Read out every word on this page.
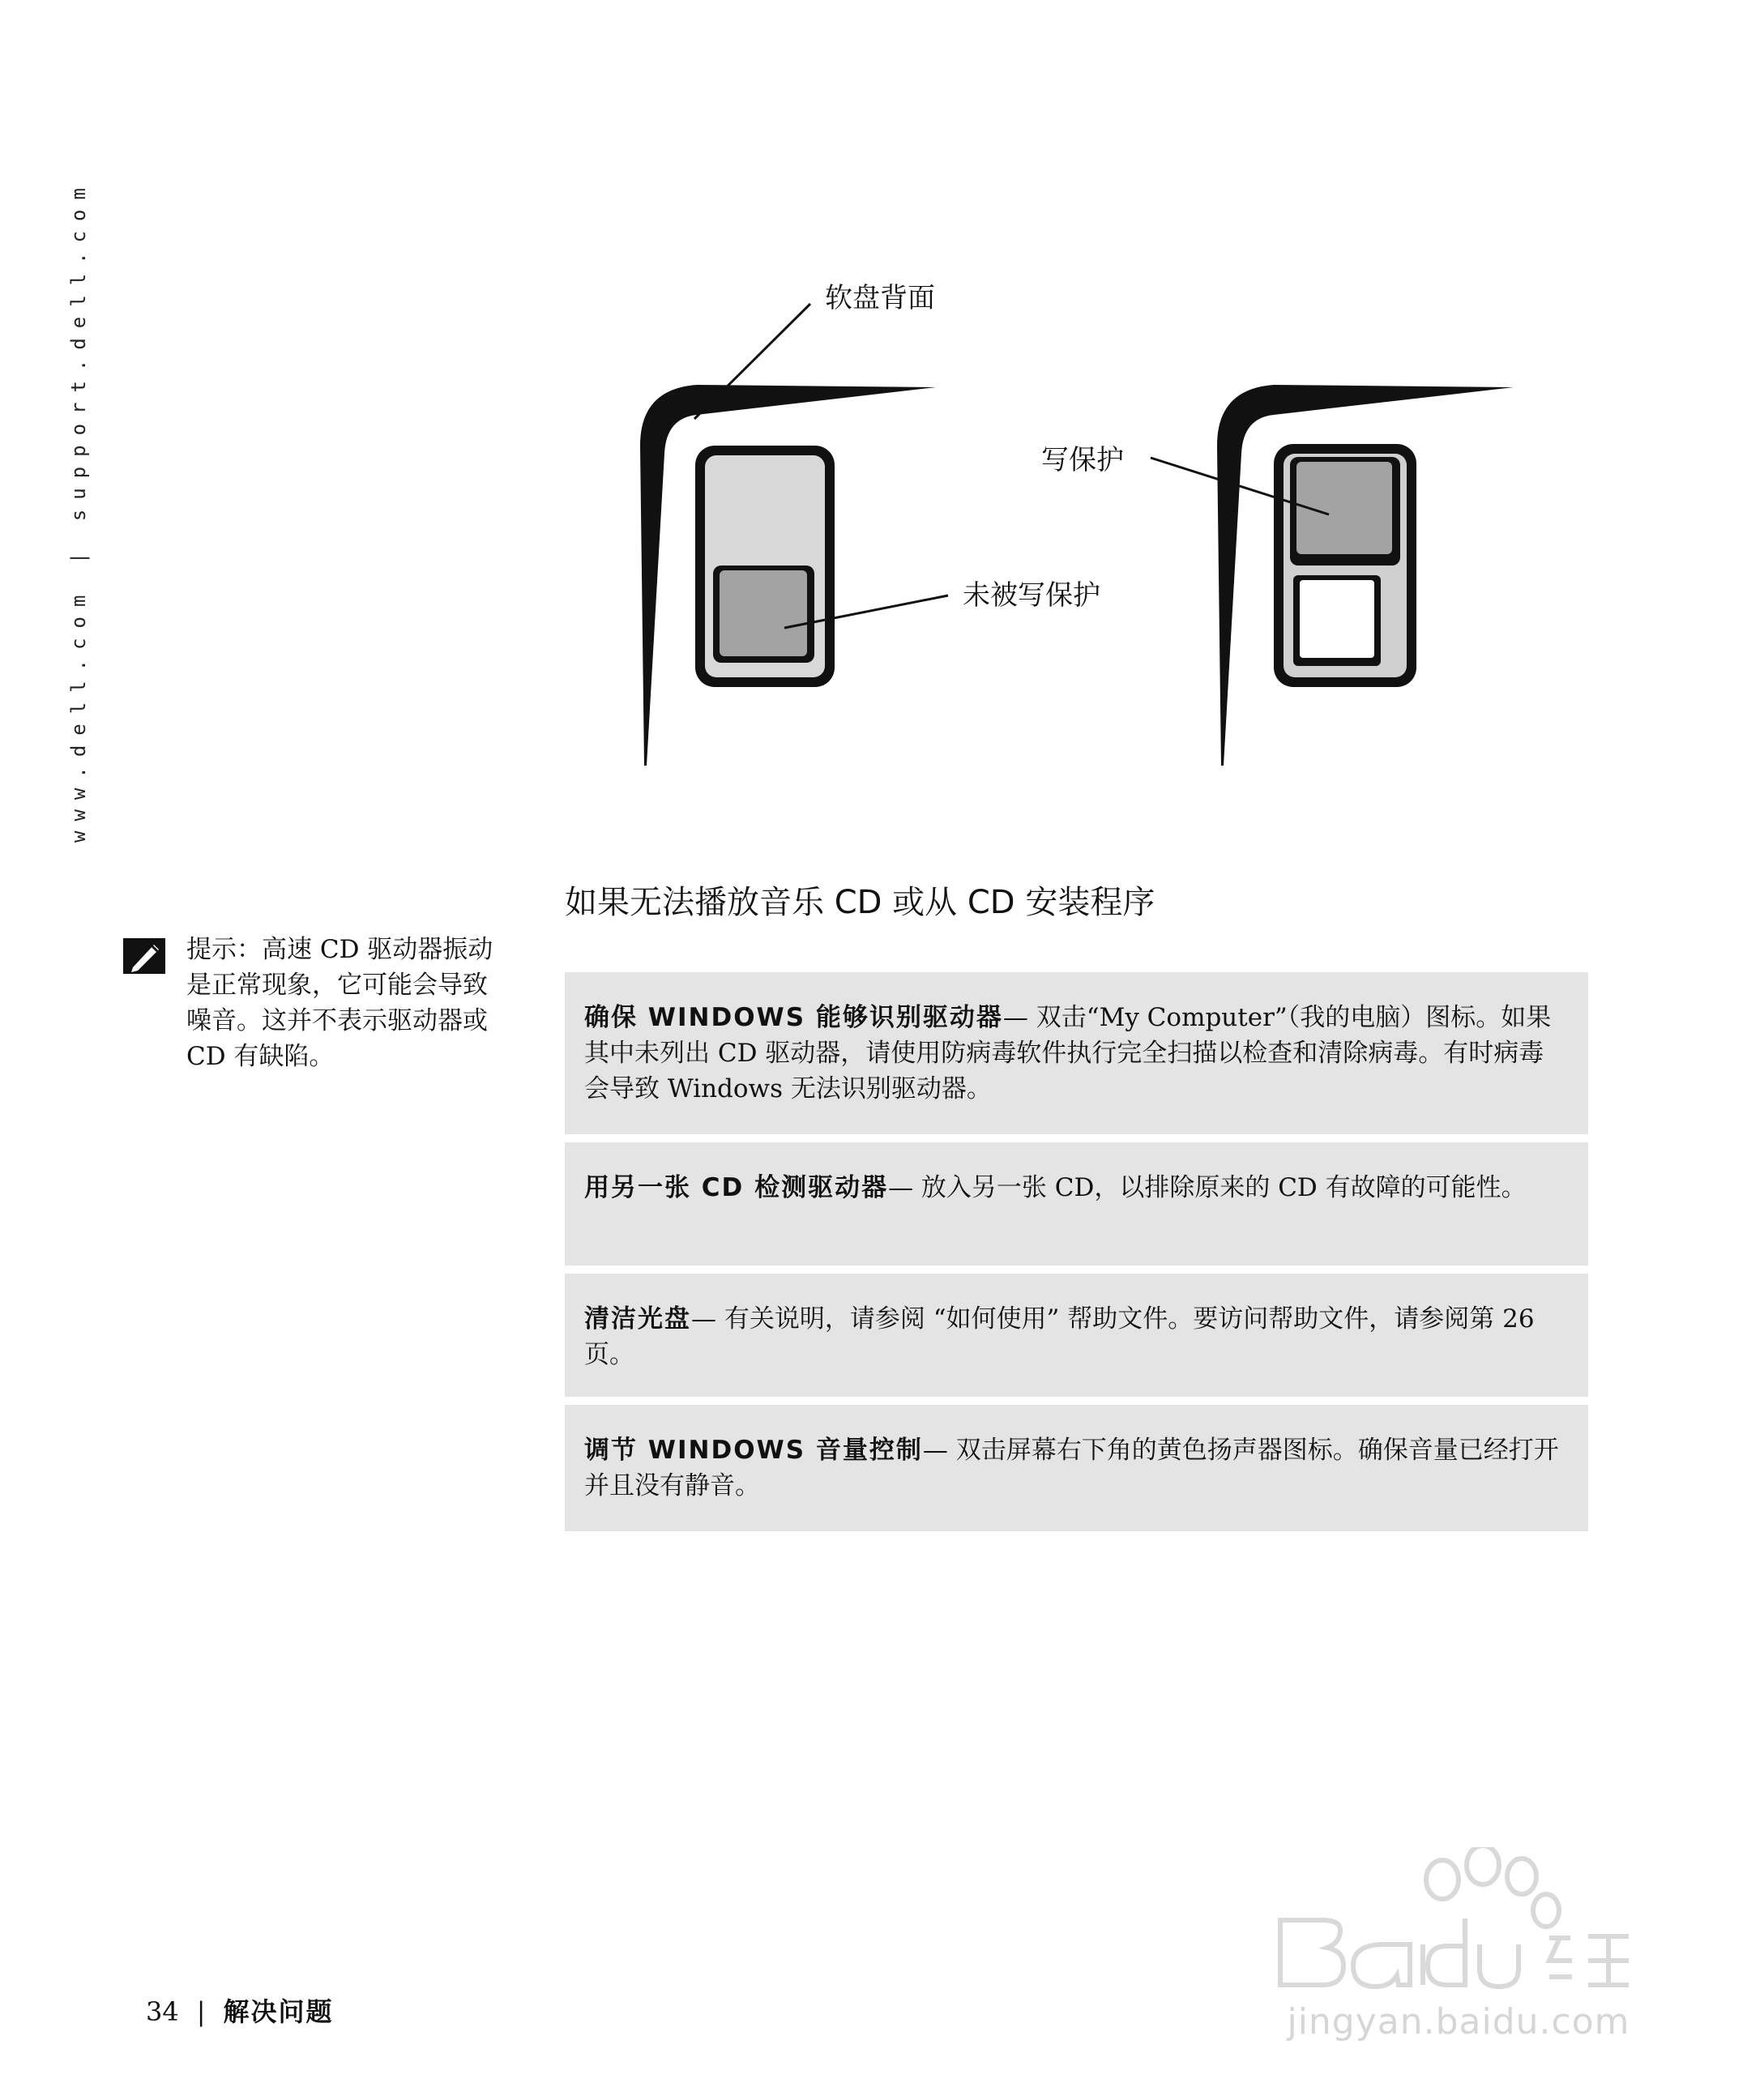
www.dell.com | support.dell.com	软盘背面
写保护
未被写保护
如果无法播放音乐 CD 或从 CD 安装程序
提示：高速 CD 驱动器振动是正常现象，它可能会导致噪音。这并不表示驱动器或 CD 有缺陷。
确保 WINDOWS 能够识别驱动器— 双击“My Computer”（我的电脑）图标。如果其中未列出 CD 驱动器，请使用防病毒软件执行完全扫描以检查和清除病毒。有时病毒会导致 Windows 无法识别驱动器。
用另一张 CD 检测驱动器— 放入另一张 CD，以排除原来的 CD 有故障的可能性。
清洁光盘— 有关说明，请参阅 “如何使用” 帮助文件。要访问帮助文件，请参阅第 26 页。
调节 WINDOWS 音量控制— 双击屏幕右下角的黄色扬声器图标。确保音量已经打开并且没有静音。
34 | 解决问题	jingyan.baidu.com
